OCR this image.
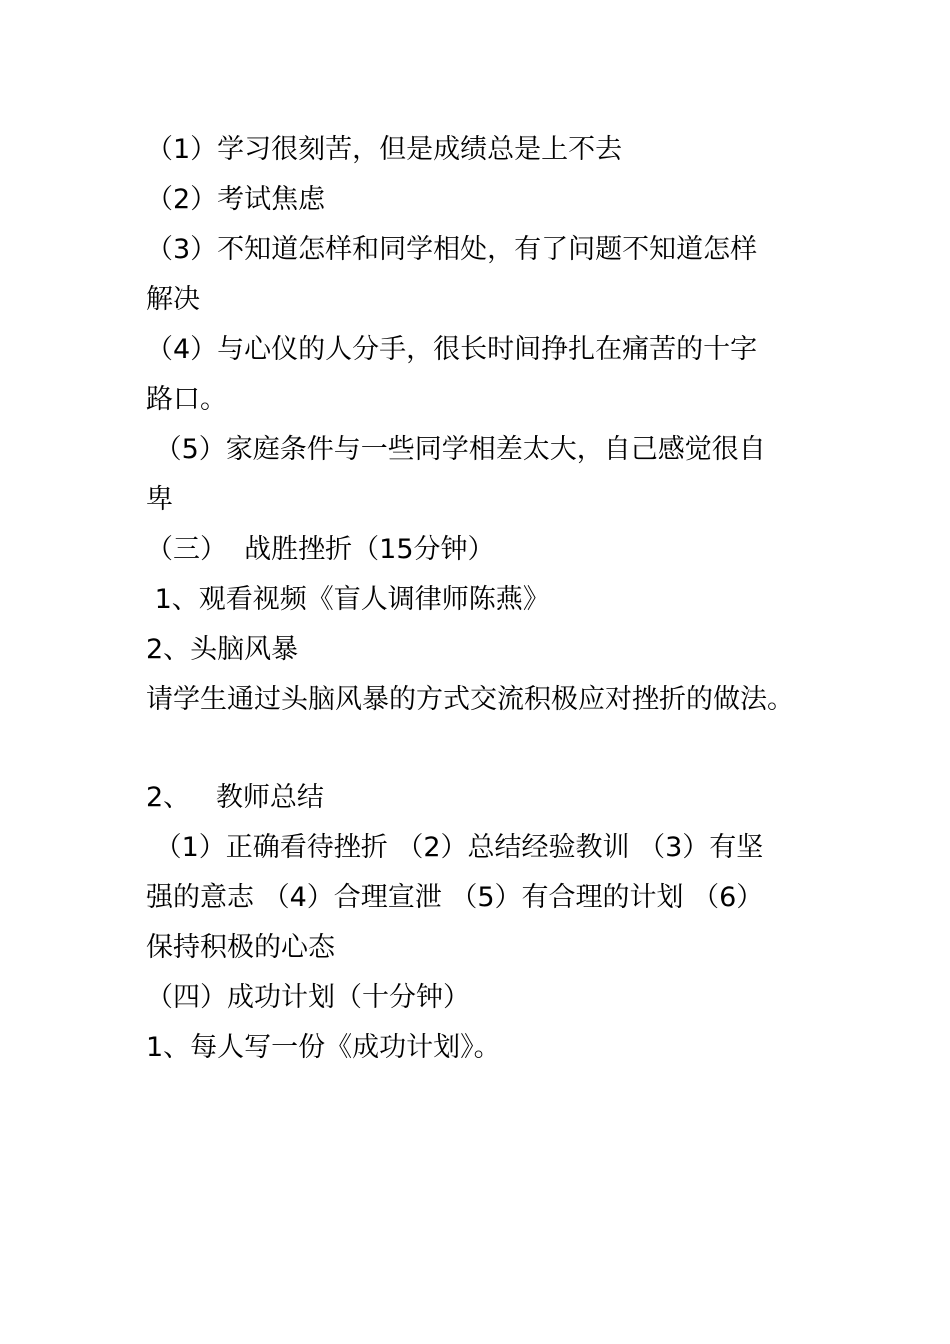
（1）学习很刻苦，但是成绩总是上不去
（2）考试焦虑
（3）不知道怎样和同学相处，有了问题不知道怎样
解决
（4）与心仪的人分手，很长时间挣扎在痛苦的十字
路口。
（5）家庭条件与一些同学相差太大，自己感觉很自
卑
（三）  战胜挫折（15分钟）
1、观看视频《盲人调律师陈燕》
2、头脑风暴
请学生通过头脑风暴的方式交流积极应对挫折的做法。
2、   教师总结
（1）正确看待挫折 （2）总结经验教训 （3）有坚
强的意志 （4）合理宣泄 （5）有合理的计划 （6）
保持积极的心态
（四）成功计划（十分钟）
1、每人写一份《成功计划》。
